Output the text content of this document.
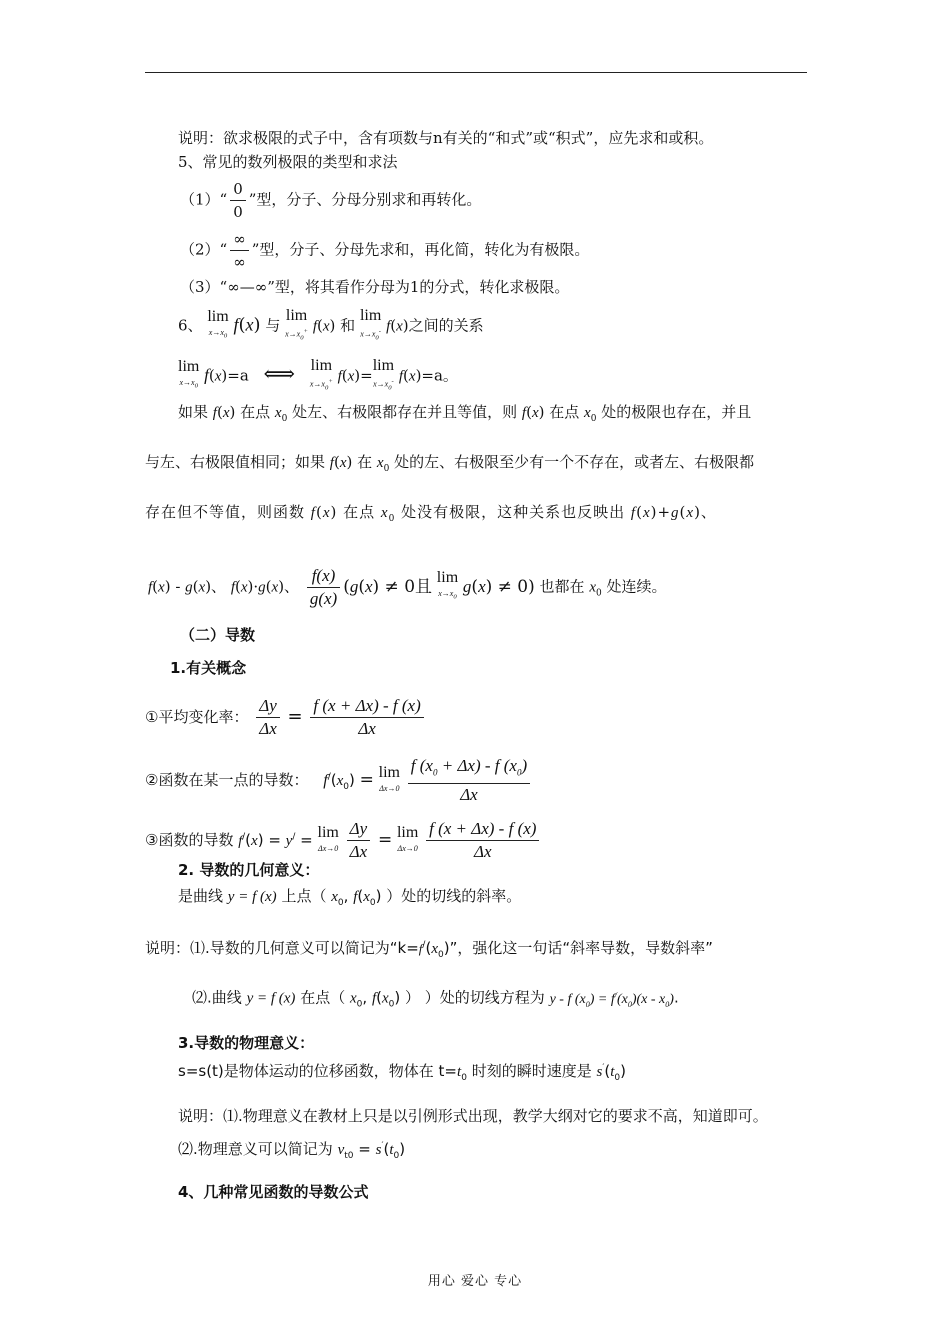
说明：欲求极限的式子中，含有项数与n有关的“和式”或“积式”，应先求和或积。
5、常见的数列极限的类型和求法
（1）“ $\frac{0}{0}$ ”型，分子、分母分别求和再转化。
（2）“ $\frac{\infty}{\infty}$ ”型，分子、分母先求和，再化简，转化为有极限。
（3）“∞—∞”型，将其看作分母为1的分式，转化求极限。
6、 lim
$x\to x_0$
f(x) 与 lim
$x\to x_0^+$ f(x) 和 lim
$x\to x_0^-$ f(x)之间的关系
lim
$x\to x_0$
f(x)=a ⟺ lim
$x\to x_0^+$ f(x)=lim
$x\to x_0^-$ f(x)=a。
如果 f(x) 在点 $x_0$ 处左、右极限都存在并且等值，则 f(x) 在点 $x_0$ 处的极限也存在，并且
与左、右极限值相同；如果 f(x) 在 $x_0$ 处的左、右极限至少有一个不存在，或者左、右极限都
存在但不等值，则函数 f(x) 在点 $x_0$ 处没有极限，这种关系也反映出 f(x)+g(x)、
f(x) - g(x)、 f(x)·g(x)、 $\frac{f(x)}{g(x)} (g(x) \ne 0$且 lim
$x\to x_0$
g(x) ≠ 0) 也都在 $x_0$ 处连续。
（二）导数
1.有关概念
①平均变化率： $\frac{\Delta y}{\Delta x} = \frac{f (x + \Delta x) - f (x)}{\Delta x}$
②函数在某一点的导数： $f^/(x_0) = \lim$
Δx→0
$\frac{f (x_0 + \Delta x) - f (x_0)}{\Delta x}$
③函数的导数 f/(x) = y/ = lim
Δx→0
$\frac{\Delta y}{\Delta x} = \lim$
Δx→0
$\frac{f (x + \Delta x) - f (x)}{\Delta x}$
2. 导数的几何意义：
是曲线 y = f (x) 上点（ $x_0$, $f(x_0)$ ）处的切线的斜率。
说明：⑴.导数的几何意义可以简记为“$k=f^/(x_0)$”，强化这一句话“斜率导数，导数斜率”
⑵.曲线 y = f (x) 在点（ $x_0$, $f(x_0)$ ） ）处的切线方程为 y - f $(x_0) = f^/(x_0)(x - x_0)$.
3.导数的物理意义：
s=s(t)是物体运动的位移函数，物体在 $t=t_0$ 时刻的瞬时速度是 $s'(t_0)$
说明：⑴.物理意义在教材上只是以引例形式出现，教学大纲对它的要求不高，知道即可。
⑵.物理意义可以简记为 $v_{t0} = s'(t_0)$
4、几种常见函数的导数公式
用心 爱心 专心
